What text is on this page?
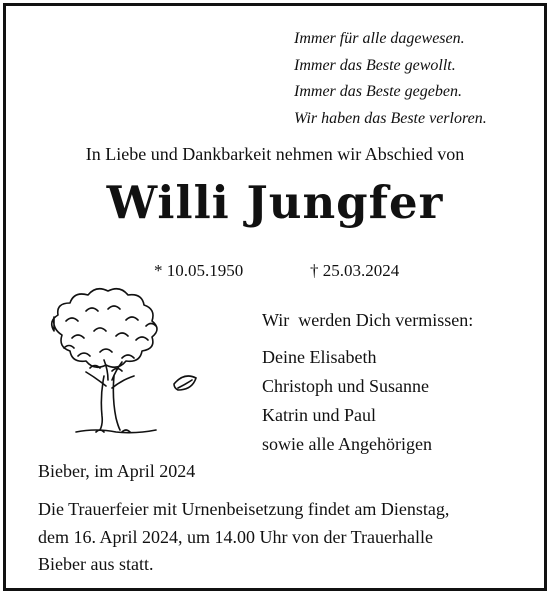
Immer für alle dagewesen.
Immer das Beste gewollt.
Immer das Beste gegeben.
Wir haben das Beste verloren.
In Liebe und Dankbarkeit nehmen wir Abschied von
Willi Jungfer
* 10.05.1950	† 25.03.2024
Wir  werden Dich vermissen:
Deine Elisabeth
Christoph und Susanne
Katrin und Paul
sowie alle Angehörigen
Bieber, im April 2024
Die Trauerfeier mit Urnenbeisetzung findet am Dienstag,
dem 16. April 2024, um 14.00 Uhr von der Trauerhalle
Bieber aus statt.
